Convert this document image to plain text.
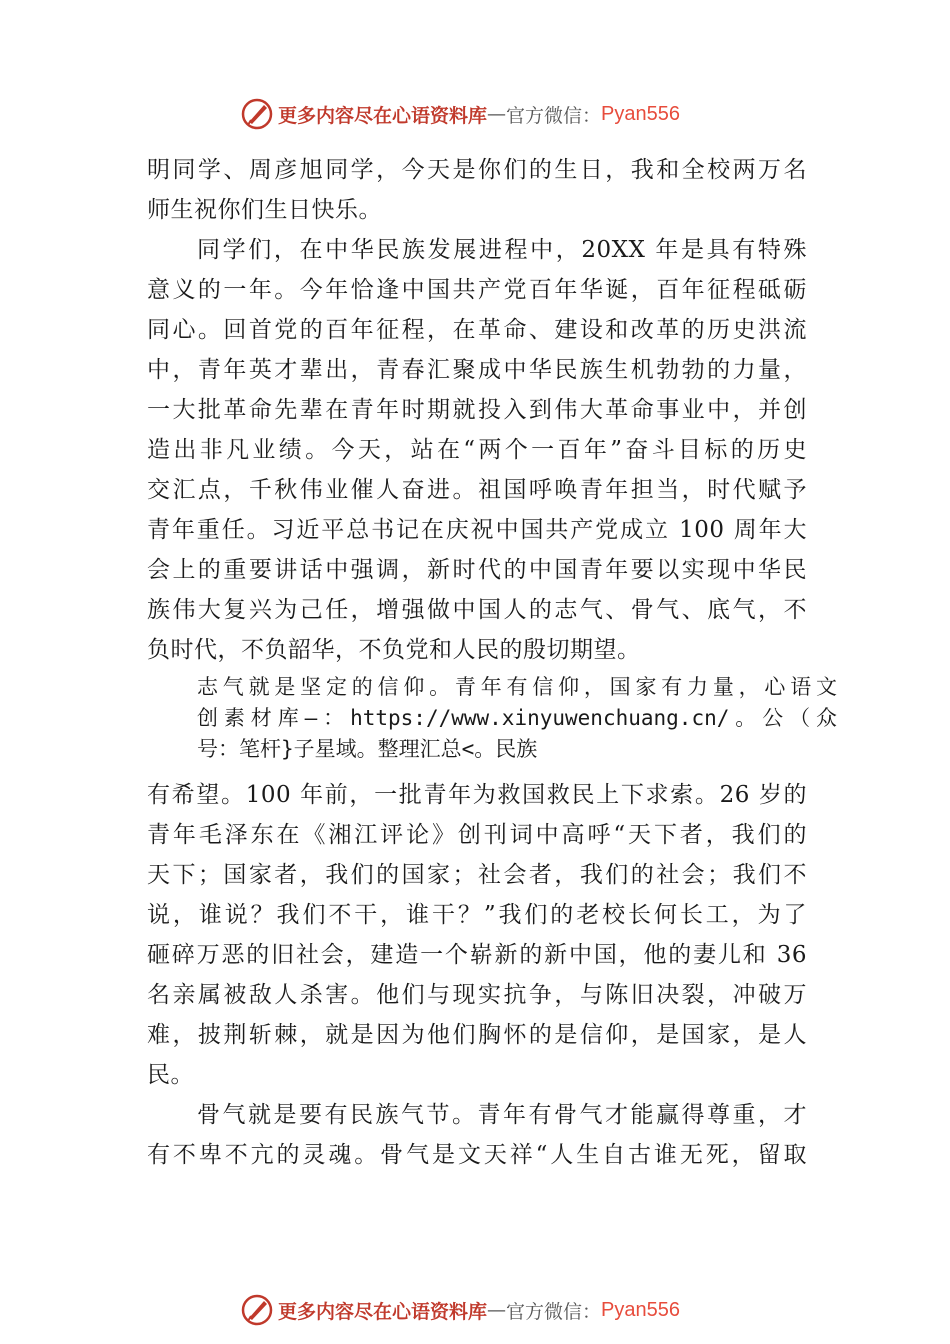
更多内容尽在心语资料库 — 官方微信： Pyan556

明同学、周彦旭同学，今天是你们的生日，我和全校两万名

师生祝你们生日快乐。

同学们，在中华民族发展进程中，20XX 年是具有特殊

意义的一年。今年恰逢中国共产党百年华诞，百年征程砥砺

同心。回首党的百年征程，在革命、建设和改革的历史洪流

中，青年英才辈出，青春汇聚成中华民族生机勃勃的力量，

一大批革命先辈在青年时期就投入到伟大革命事业中，并创

造出非凡业绩。今天，站在“两个一百年”奋斗目标的历史

交汇点，千秋伟业催人奋进。祖国呼唤青年担当，时代赋予

青年重任。习近平总书记在庆祝中国共产党成立 100 周年大

会上的重要讲话中强调，新时代的中国青年要以实现中华民

族伟大复兴为己任，增强做中国人的志气、骨气、底气，不

负时代，不负韶华，不负党和人民的殷切期望。

志气就是坚定的信仰。青年有信仰，国家有力量，心语文

创素材库—：https://www.xinyuwenchuang.cn/。公（众

号：笔杆}子星域。整理汇总<。民族

有希望。100 年前，一批青年为救国救民上下求索。26 岁的

青年毛泽东在《湘江评论》创刊词中高呼“天下者，我们的

天下；国家者，我们的国家；社会者，我们的社会；我们不

说，谁说？我们不干，谁干？”我们的老校长何长工，为了

砸碎万恶的旧社会，建造一个崭新的新中国，他的妻儿和 36

名亲属被敌人杀害。他们与现实抗争，与陈旧决裂，冲破万

难，披荆斩棘，就是因为他们胸怀的是信仰，是国家，是人

民。

骨气就是要有民族气节。青年有骨气才能赢得尊重，才

有不卑不亢的灵魂。骨气是文天祥“人生自古谁无死，留取

更多内容尽在心语资料库 — 官方微信： Pyan556
